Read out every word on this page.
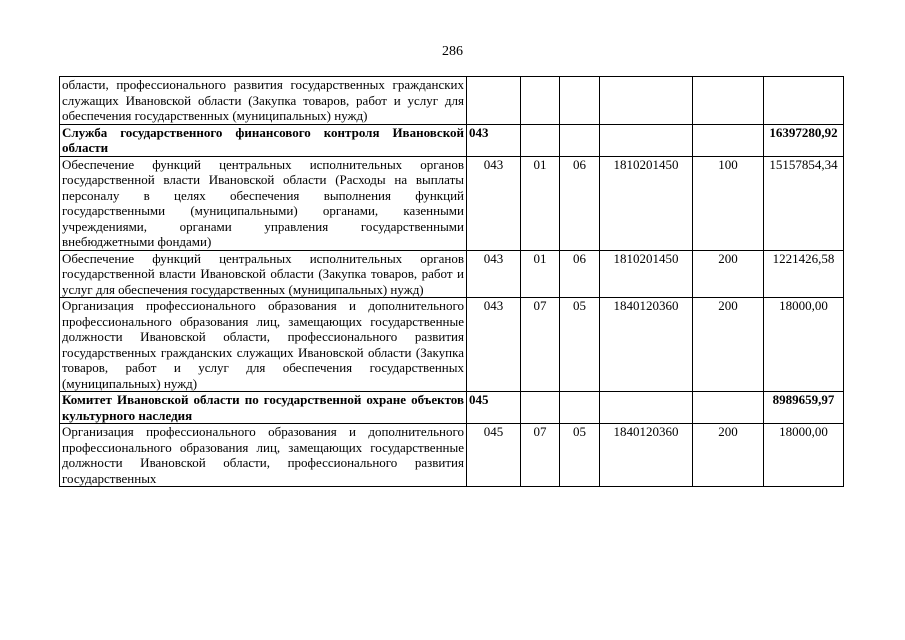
286
области, профессионального развития государственных гражданских служащих Ивановской области (Закупка товаров, работ и услуг для обеспечения государственных (муниципальных) нужд)						
Служба государственного финансового контроля Ивановской области	043					16397280,92
Обеспечение функций центральных исполнительных органов государственной власти Ивановской области (Расходы на выплаты персоналу в целях обеспечения выполнения функций государственными (муниципальными) органами, казенными учреждениями, органами управления государственными внебюджетными фондами)	043	01	06	1810201450	100	15157854,34
Обеспечение функций центральных исполнительных органов государственной власти Ивановской области (Закупка товаров, работ и услуг для обеспечения государственных (муниципальных) нужд)	043	01	06	1810201450	200	1221426,58
Организация профессионального образования и дополнительного профессионального образования лиц, замещающих государственные должности Ивановской области, профессионального развития государственных гражданских служащих Ивановской области (Закупка товаров, работ и услуг для обеспечения государственных (муниципальных) нужд)	043	07	05	1840120360	200	18000,00
Комитет Ивановской области по государственной охране объектов культурного наследия	045					8989659,97
Организация профессионального образования и дополнительного профессионального образования лиц, замещающих государственные должности Ивановской области, профессионального развития государственных	045	07	05	1840120360	200	18000,00
